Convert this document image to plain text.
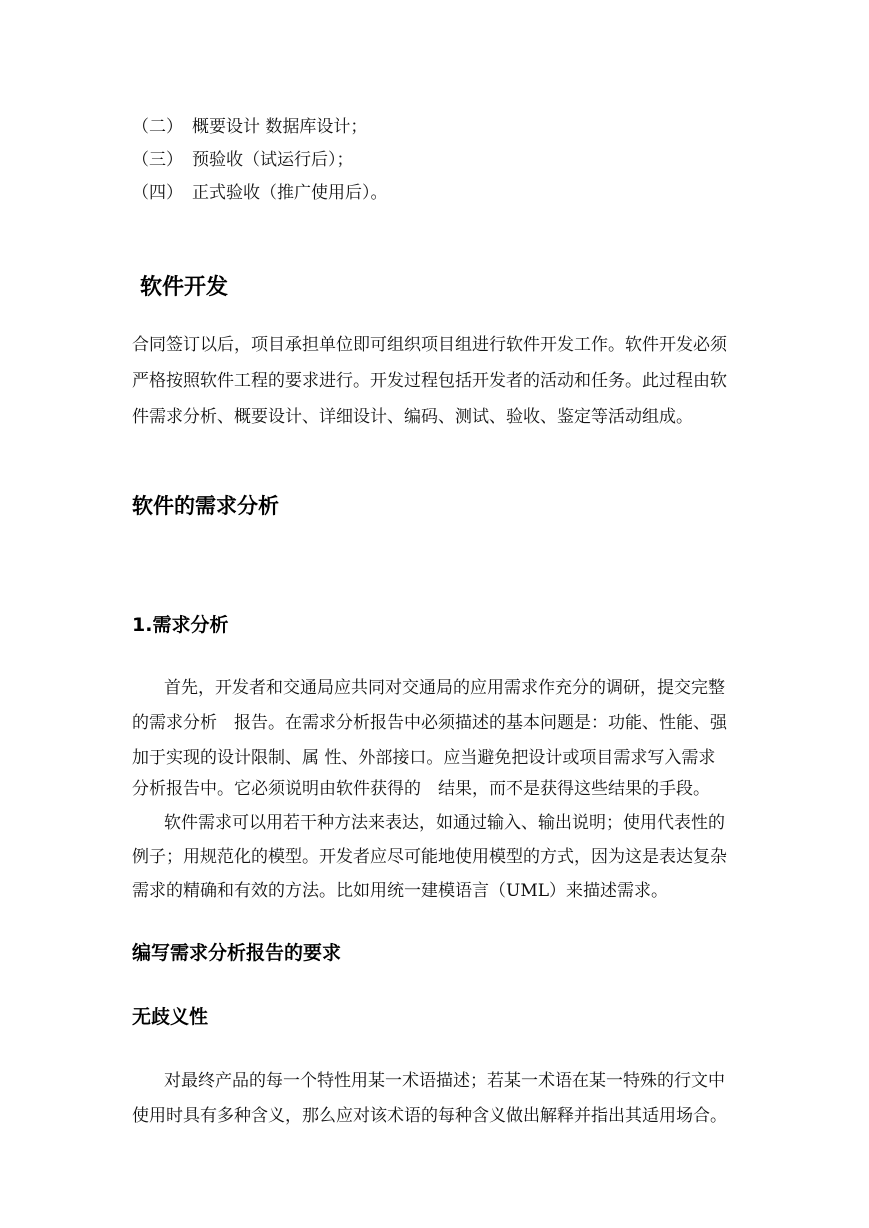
（二） 概要设计 数据库设计；
（三） 预验收（试运行后）；
（四） 正式验收（推广使用后）。
软件开发
合同签订以后，项目承担单位即可组织项目组进行软件开发工作。软件开发必须
严格按照软件工程的要求进行。开发过程包括开发者的活动和任务。此过程由软
件需求分析、概要设计、详细设计、编码、测试、验收、鉴定等活动组成。
软件的需求分析
1.需求分析
首先，开发者和交通局应共同对交通局的应用需求作充分的调研，提交完整
的需求分析　报告。在需求分析报告中必须描述的基本问题是：功能、性能、强
加于实现的设计限制、属 性、外部接口。应当避免把设计或项目需求写入需求
分析报告中。它必须说明由软件获得的　结果，而不是获得这些结果的手段。
软件需求可以用若干种方法来表达，如通过输入、输出说明；使用代表性的
例子；用规范化的模型。开发者应尽可能地使用模型的方式，因为这是表达复杂
需求的精确和有效的方法。比如用统一建模语言（UML）来描述需求。
编写需求分析报告的要求
无歧义性
对最终产品的每一个特性用某一术语描述；若某一术语在某一特殊的行文中
使用时具有多种含义，那么应对该术语的每种含义做出解释并指出其适用场合。
